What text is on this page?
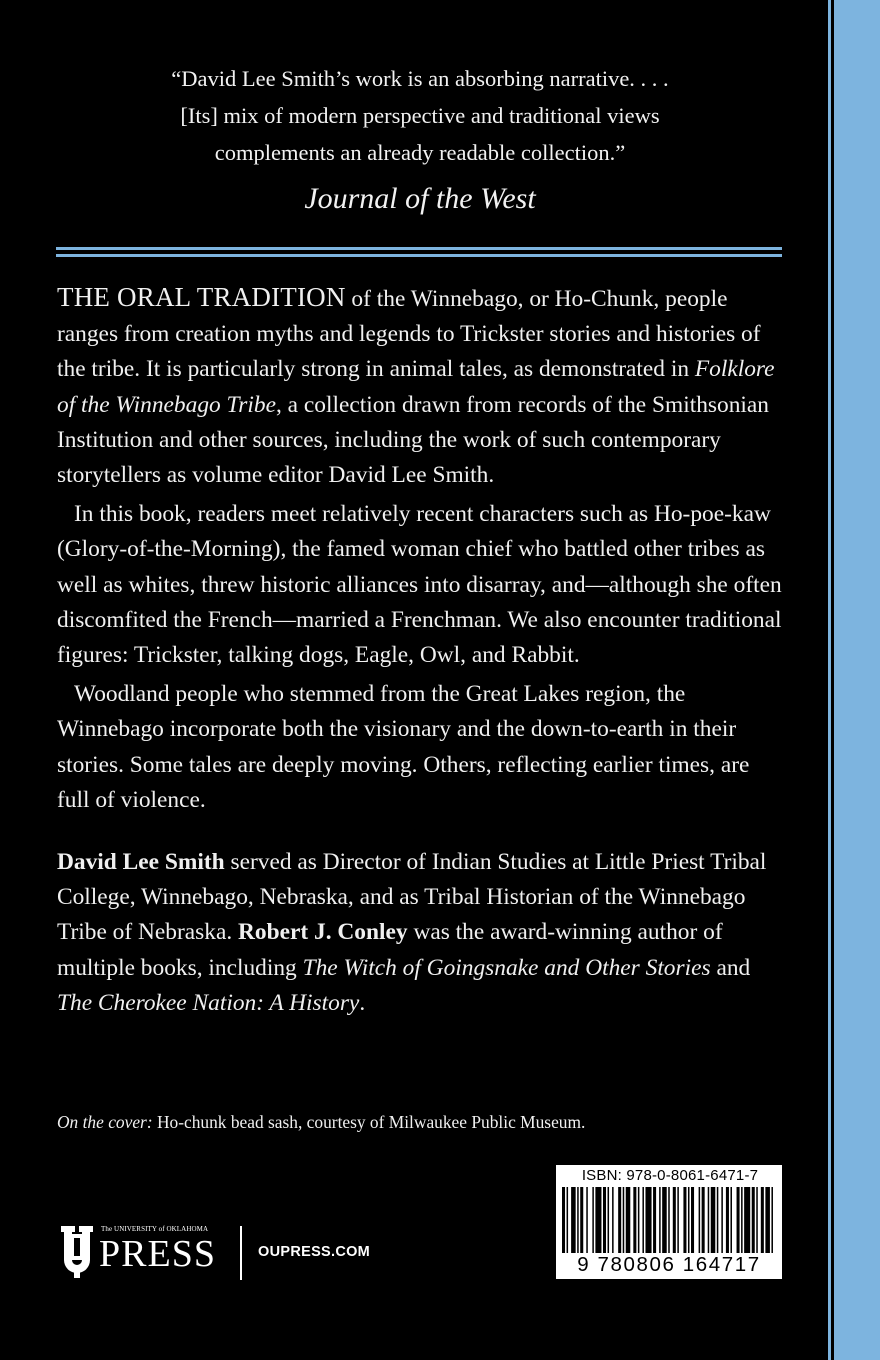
“David Lee Smith’s work is an absorbing narrative. . . .
[Its] mix of modern perspective and traditional views
complements an already readable collection.”
Journal of the West

THE ORAL TRADITION of the Winnebago, or Ho-Chunk, people ranges from creation myths and legends to Trickster stories and histories of the tribe. It is particularly strong in animal tales, as demonstrated in Folklore of the Winnebago Tribe, a collection drawn from records of the Smithsonian Institution and other sources, including the work of such contemporary storytellers as volume editor David Lee Smith.

In this book, readers meet relatively recent characters such as Ho-poe-kaw (Glory-of-the-Morning), the famed woman chief who battled other tribes as well as whites, threw historic alliances into disarray, and—although she often discomfited the French—married a Frenchman. We also encounter traditional figures: Trickster, talking dogs, Eagle, Owl, and Rabbit.

Woodland people who stemmed from the Great Lakes region, the Winnebago incorporate both the visionary and the down-to-earth in their stories. Some tales are deeply moving. Others, reflecting earlier times, are full of violence.

David Lee Smith served as Director of Indian Studies at Little Priest Tribal College, Winnebago, Nebraska, and as Tribal Historian of the Winnebago Tribe of Nebraska. Robert J. Conley was the award-winning author of multiple books, including The Witch of Goingsnake and Other Stories and The Cherokee Nation: A History.

On the cover: Ho-chunk bead sash, courtesy of Milwaukee Public Museum.
ISBN: 978-0-8061-6471-7
9 780806 164717
The UNIVERSITY of OKLAHOMA
PRESS	OUPRESS.COM
